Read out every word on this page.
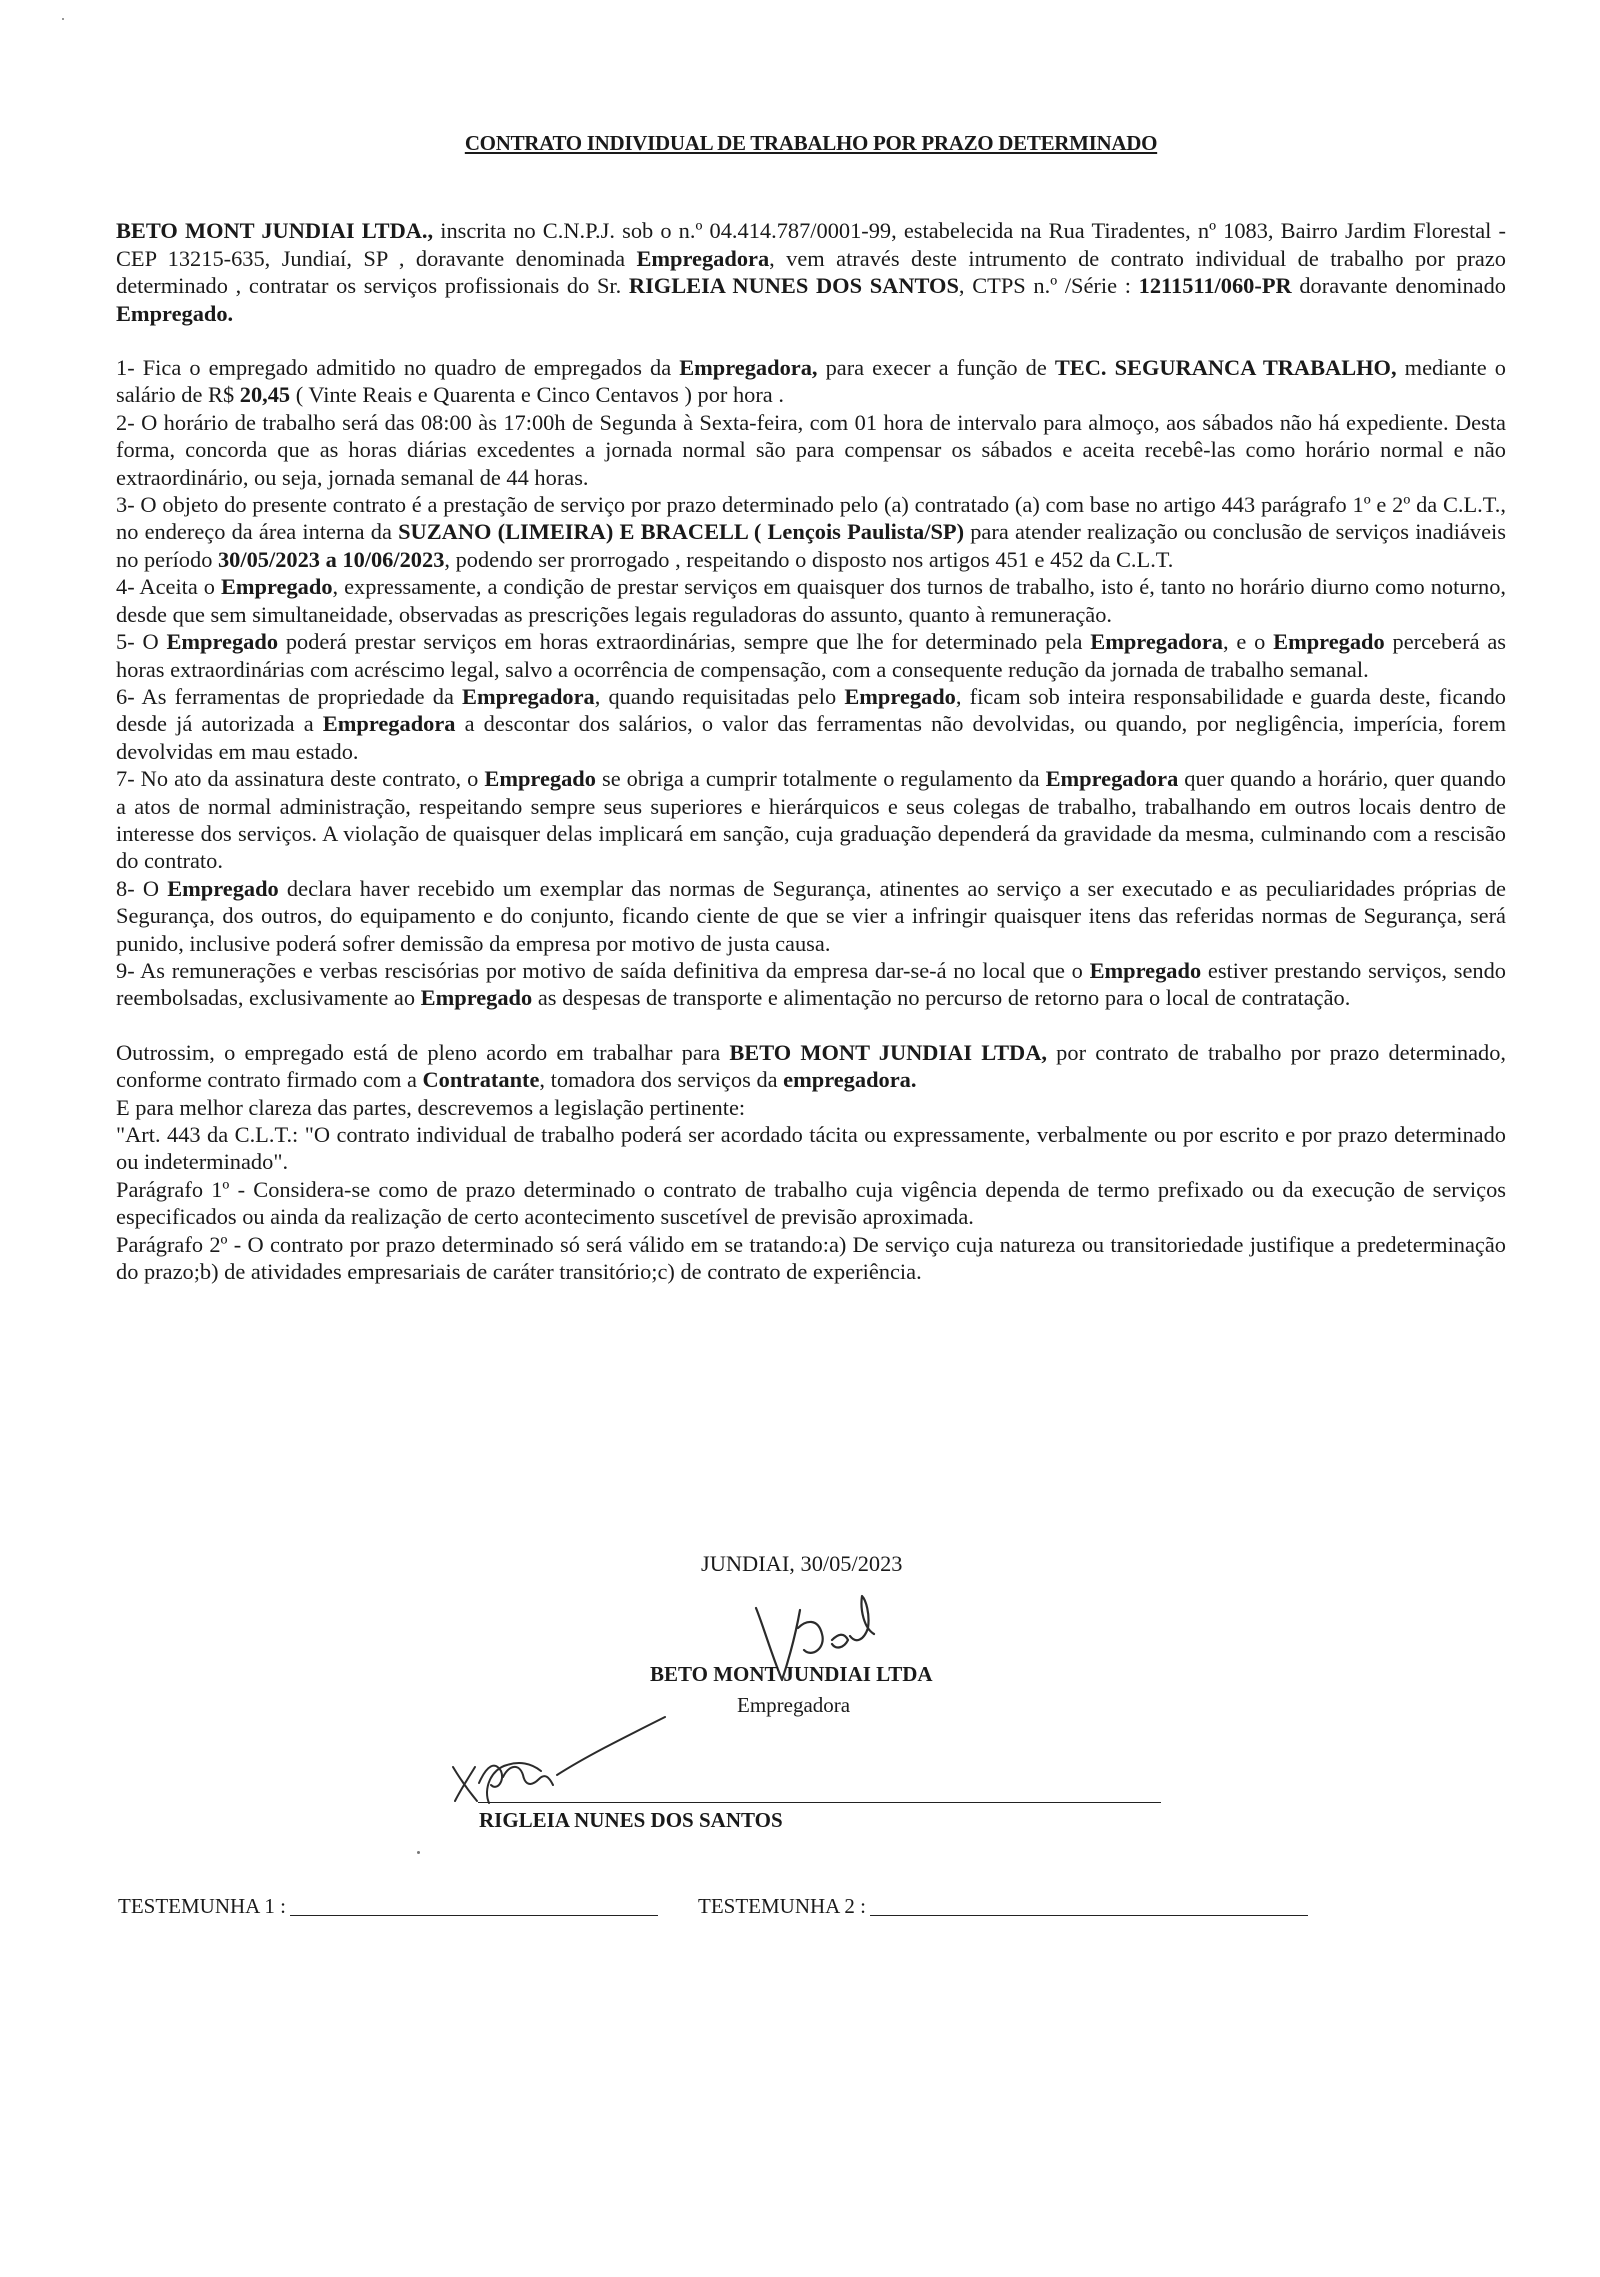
CONTRATO INDIVIDUAL DE TRABALHO POR PRAZO DETERMINADO

BETO MONT JUNDIAI LTDA., inscrita no C.N.P.J. sob o n.º 04.414.787/0001-99, estabelecida na Rua Tiradentes, nº 1083, Bairro Jardim Florestal - CEP 13215-635, Jundiaí, SP , doravante denominada Empregadora, vem através deste intrumento de contrato individual de trabalho por prazo determinado , contratar os serviços profissionais do Sr. RIGLEIA NUNES DOS SANTOS, CTPS n.º /Série : 1211511/060-PR doravante denominado Empregado.

1- Fica o empregado admitido no quadro de empregados da Empregadora, para execer a função de TEC. SEGURANCA TRABALHO, mediante o salário de R$ 20,45 ( Vinte Reais e Quarenta e Cinco Centavos ) por hora .

2- O horário de trabalho será das 08:00 às 17:00h de Segunda à Sexta-feira, com 01 hora de intervalo para almoço, aos sábados não há expediente. Desta forma, concorda que as horas diárias excedentes a jornada normal são para compensar os sábados e aceita recebê-las como horário normal e não extraordinário, ou seja, jornada semanal de 44 horas.

3- O objeto do presente contrato é a prestação de serviço por prazo determinado pelo (a) contratado (a) com base no artigo 443 parágrafo 1º e 2º da C.L.T., no endereço da área interna da SUZANO (LIMEIRA) E BRACELL ( Lençois Paulista/SP) para atender realização ou conclusão de serviços inadiáveis no período 30/05/2023 a 10/06/2023, podendo ser prorrogado , respeitando o disposto nos artigos 451 e 452 da C.L.T.

4- Aceita o Empregado, expressamente, a condição de prestar serviços em quaisquer dos turnos de trabalho, isto é, tanto no horário diurno como noturno, desde que sem simultaneidade, observadas as prescrições legais reguladoras do assunto, quanto à remuneração.

5- O Empregado poderá prestar serviços em horas extraordinárias, sempre que lhe for determinado pela Empregadora, e o Empregado perceberá as horas extraordinárias com acréscimo legal, salvo a ocorrência de compensação, com a consequente redução da jornada de trabalho semanal.

6- As ferramentas de propriedade da Empregadora, quando requisitadas pelo Empregado, ficam sob inteira responsabilidade e guarda deste, ficando desde já autorizada a Empregadora a descontar dos salários, o valor das ferramentas não devolvidas, ou quando, por negligência, imperícia, forem devolvidas em mau estado.

7- No ato da assinatura deste contrato, o Empregado se obriga a cumprir totalmente o regulamento da Empregadora quer quando a horário, quer quando a atos de normal administração, respeitando sempre seus superiores e hierárquicos e seus colegas de trabalho, trabalhando em outros locais dentro de interesse dos serviços. A violação de quaisquer delas implicará em sanção, cuja graduação dependerá da gravidade da mesma, culminando com a rescisão do contrato.

8- O Empregado declara haver recebido um exemplar das normas de Segurança, atinentes ao serviço a ser executado e as peculiaridades próprias de Segurança, dos outros, do equipamento e do conjunto, ficando ciente de que se vier a infringir quaisquer itens das referidas normas de Segurança, será punido, inclusive poderá sofrer demissão da empresa por motivo de justa causa.

9- As remunerações e verbas rescisórias por motivo de saída definitiva da empresa dar-se-á no local que o Empregado estiver prestando serviços, sendo reembolsadas, exclusivamente ao Empregado as despesas de transporte e alimentação no percurso de retorno para o local de contratação.

Outrossim, o empregado está de pleno acordo em trabalhar para BETO MONT JUNDIAI LTDA, por contrato de trabalho por prazo determinado, conforme contrato firmado com a Contratante, tomadora dos serviços da empregadora.

E para melhor clareza das partes, descrevemos a legislação pertinente:

"Art. 443 da C.L.T.: "O contrato individual de trabalho poderá ser acordado tácita ou expressamente, verbalmente ou por escrito e por prazo determinado ou indeterminado".

Parágrafo 1º - Considera-se como de prazo determinado o contrato de trabalho cuja vigência dependa de termo prefixado ou da execução de serviços especificados ou ainda da realização de certo acontecimento suscetível de previsão aproximada.

Parágrafo 2º - O contrato por prazo determinado só será válido em se tratando:a) De serviço cuja natureza ou transitoriedade justifique a predeterminação do prazo;b) de atividades empresariais de caráter transitório;c) de contrato de experiência.

JUNDIAI, 30/05/2023
BETO MONT JUNDIAI LTDA
Empregadora
RIGLEIA NUNES DOS SANTOS
TESTEMUNHA 1 :	TESTEMUNHA 2 :
